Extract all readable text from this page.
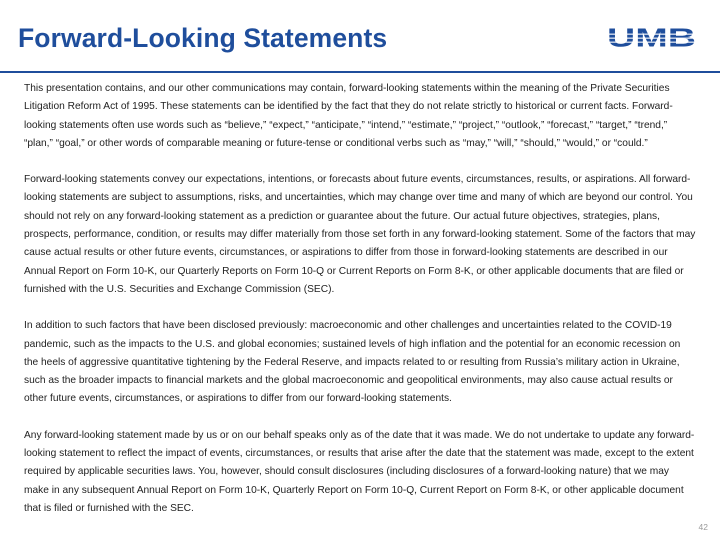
Forward-Looking Statements

This presentation contains, and our other communications may contain, forward-looking statements within the meaning of the Private Securities Litigation Reform Act of 1995. These statements can be identified by the fact that they do not relate strictly to historical or current facts. Forward-looking statements often use words such as “believe,” “expect,” “anticipate,” “intend,” “estimate,” “project,” “outlook,” “forecast,” “target,” “trend,” “plan,” “goal,” or other words of comparable meaning or future-tense or conditional verbs such as “may,” “will,” “should,” “would,” or “could.”

Forward-looking statements convey our expectations, intentions, or forecasts about future events, circumstances, results, or aspirations. All forward-looking statements are subject to assumptions, risks, and uncertainties, which may change over time and many of which are beyond our control. You should not rely on any forward-looking statement as a prediction or guarantee about the future. Our actual future objectives, strategies, plans, prospects, performance, condition, or results may differ materially from those set forth in any forward-looking statement. Some of the factors that may cause actual results or other future events, circumstances, or aspirations to differ from those in forward-looking statements are described in our Annual Report on Form 10-K, our Quarterly Reports on Form 10-Q or Current Reports on Form 8-K, or other applicable documents that are filed or furnished with the U.S. Securities and Exchange Commission (SEC).

In addition to such factors that have been disclosed previously: macroeconomic and other challenges and uncertainties related to the COVID-19 pandemic, such as the impacts to the U.S. and global economies; sustained levels of high inflation and the potential for an economic recession on the heels of aggressive quantitative tightening by the Federal Reserve, and impacts related to or resulting from Russia’s military action in Ukraine, such as the broader impacts to financial markets and the global macroeconomic and geopolitical environments, may also cause actual results or other future events, circumstances, or aspirations to differ from our forward-looking statements.

Any forward-looking statement made by us or on our behalf speaks only as of the date that it was made. We do not undertake to update any forward-looking statement to reflect the impact of events, circumstances, or results that arise after the date that the statement was made, except to the extent required by applicable securities laws. You, however, should consult disclosures (including disclosures of a forward-looking nature) that we may make in any subsequent Annual Report on Form 10-K, Quarterly Report on Form 10-Q, Current Report on Form 8-K, or other applicable document that is filed or furnished with the SEC.

42
